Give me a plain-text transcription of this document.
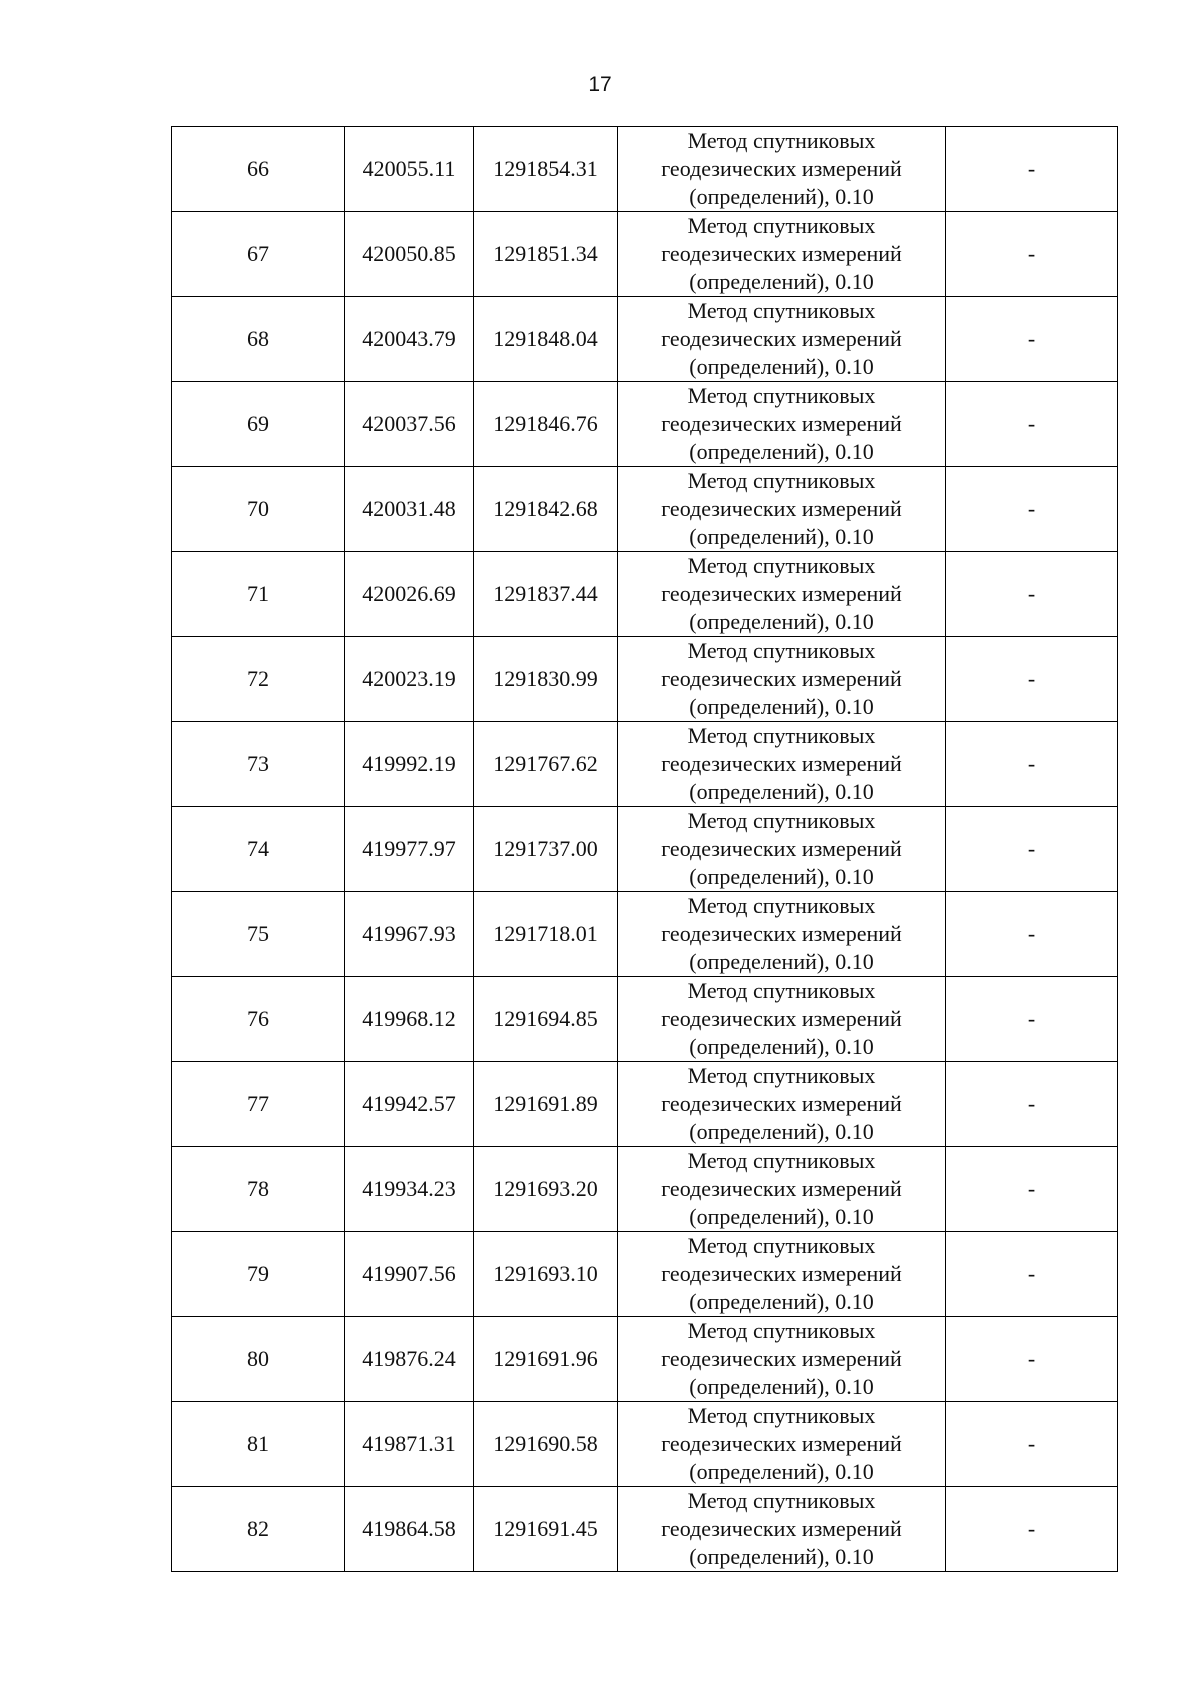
17
66	420055.11	1291854.31	Метод спутниковых
геодезических измерений
(определений), 0.10	-
67	420050.85	1291851.34	Метод спутниковых
геодезических измерений
(определений), 0.10	-
68	420043.79	1291848.04	Метод спутниковых
геодезических измерений
(определений), 0.10	-
69	420037.56	1291846.76	Метод спутниковых
геодезических измерений
(определений), 0.10	-
70	420031.48	1291842.68	Метод спутниковых
геодезических измерений
(определений), 0.10	-
71	420026.69	1291837.44	Метод спутниковых
геодезических измерений
(определений), 0.10	-
72	420023.19	1291830.99	Метод спутниковых
геодезических измерений
(определений), 0.10	-
73	419992.19	1291767.62	Метод спутниковых
геодезических измерений
(определений), 0.10	-
74	419977.97	1291737.00	Метод спутниковых
геодезических измерений
(определений), 0.10	-
75	419967.93	1291718.01	Метод спутниковых
геодезических измерений
(определений), 0.10	-
76	419968.12	1291694.85	Метод спутниковых
геодезических измерений
(определений), 0.10	-
77	419942.57	1291691.89	Метод спутниковых
геодезических измерений
(определений), 0.10	-
78	419934.23	1291693.20	Метод спутниковых
геодезических измерений
(определений), 0.10	-
79	419907.56	1291693.10	Метод спутниковых
геодезических измерений
(определений), 0.10	-
80	419876.24	1291691.96	Метод спутниковых
геодезических измерений
(определений), 0.10	-
81	419871.31	1291690.58	Метод спутниковых
геодезических измерений
(определений), 0.10	-
82	419864.58	1291691.45	Метод спутниковых
геодезических измерений
(определений), 0.10	-
